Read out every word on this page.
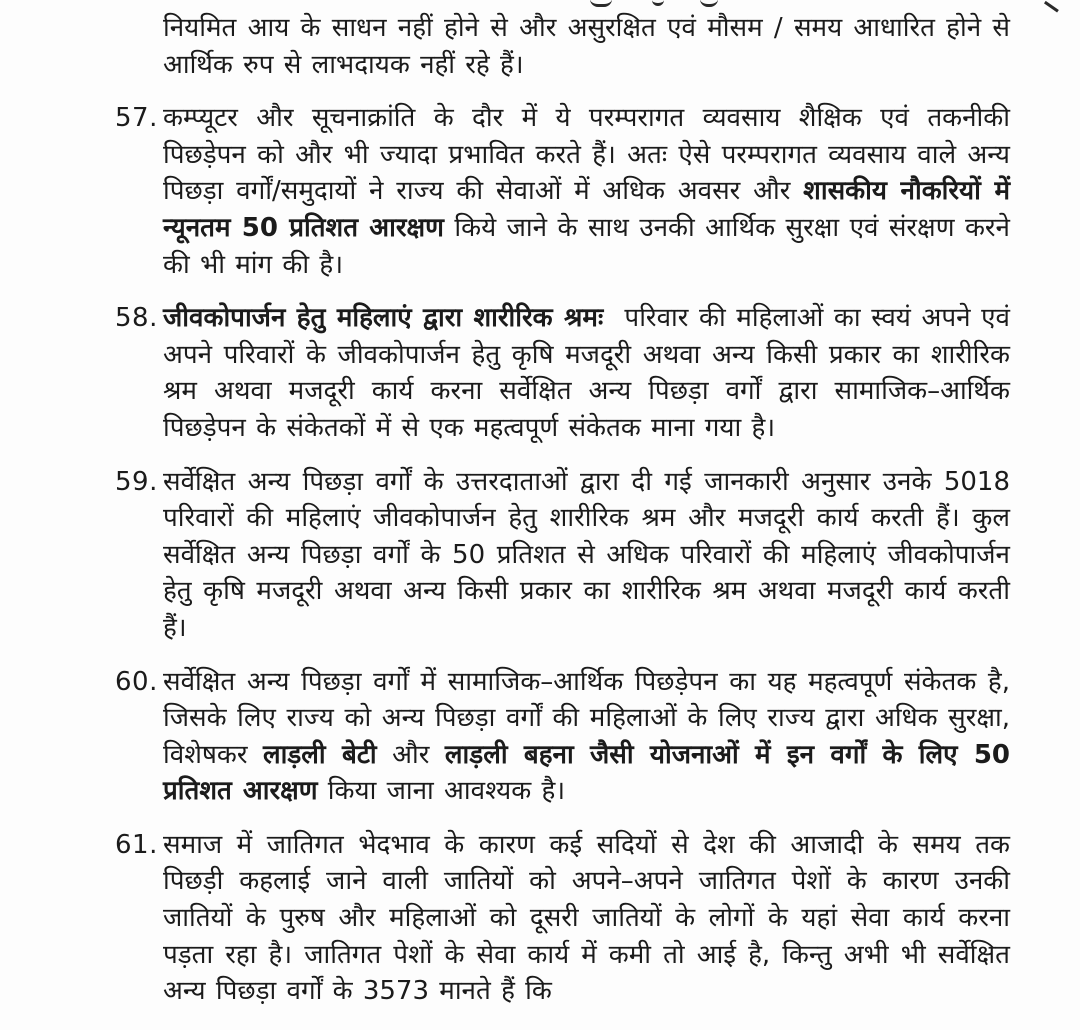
नियमित आय के साधन नहीं होने से और असुरक्षित एवं मौसम / समय आधारित होने से आर्थिक रुप से लाभदायक नहीं रहे हैं।
57. कम्प्यूटर और सूचनाक्रांति के दौर में ये परम्परागत व्यवसाय शैक्षिक एवं तकनीकी पिछड़ेपन को और भी ज्यादा प्रभावित करते हैं। अतः ऐसे परम्परागत व्यवसाय वाले अन्य पिछड़ा वर्गों/समुदायों ने राज्य की सेवाओं में अधिक अवसर और शासकीय नौकरियों में न्यूनतम 50 प्रतिशत आरक्षण किये जाने के साथ उनकी आर्थिक सुरक्षा एवं संरक्षण करने की भी मांग की है।
58. जीवकोपार्जन हेतु महिलाएं द्वारा शारीरिक श्रमः  परिवार की महिलाओं का स्वयं अपने एवं अपने परिवारों के जीवकोपार्जन हेतु कृषि मजदूरी अथवा अन्य किसी प्रकार का शारीरिक श्रम अथवा मजदूरी कार्य करना सर्वेक्षित अन्य पिछड़ा वर्गों द्वारा सामाजिक–आर्थिक पिछड़ेपन के संकेतकों में से एक महत्वपूर्ण संकेतक माना गया है।
59. सर्वेक्षित अन्य पिछड़ा वर्गों के उत्तरदाताओं द्वारा दी गई जानकारी अनुसार उनके 5018 परिवारों की महिलाएं जीवकोपार्जन हेतु शारीरिक श्रम और मजदूरी कार्य करती हैं। कुल सर्वेक्षित अन्य पिछड़ा वर्गों के 50 प्रतिशत से अधिक परिवारों की महिलाएं जीवकोपार्जन हेतु कृषि मजदूरी अथवा अन्य किसी प्रकार का शारीरिक श्रम अथवा मजदूरी कार्य करती हैं।
60. सर्वेक्षित अन्य पिछड़ा वर्गों में सामाजिक–आर्थिक पिछड़ेपन का यह महत्वपूर्ण संकेतक है, जिसके लिए राज्य को अन्य पिछड़ा वर्गों की महिलाओं के लिए राज्य द्वारा अधिक सुरक्षा, विशेषकर लाड़ली बेटी और लाड़ली बहना जैसी योजनाओं में इन वर्गों के लिए 50 प्रतिशत आरक्षण किया जाना आवश्यक है।
61. समाज में जातिगत भेदभाव के कारण कई सदियों से देश की आजादी के समय तक पिछड़ी कहलाई जाने वाली जातियों को अपने–अपने जातिगत पेशों के कारण उनकी जातियों के पुरुष और महिलाओं को दूसरी जातियों के लोगों के यहां सेवा कार्य करना पड़ता रहा है। जातिगत पेशों के सेवा कार्य में कमी तो आई है, किन्तु अभी भी सर्वेक्षित अन्य पिछड़ा वर्गों के 3573 मानते हैं कि
